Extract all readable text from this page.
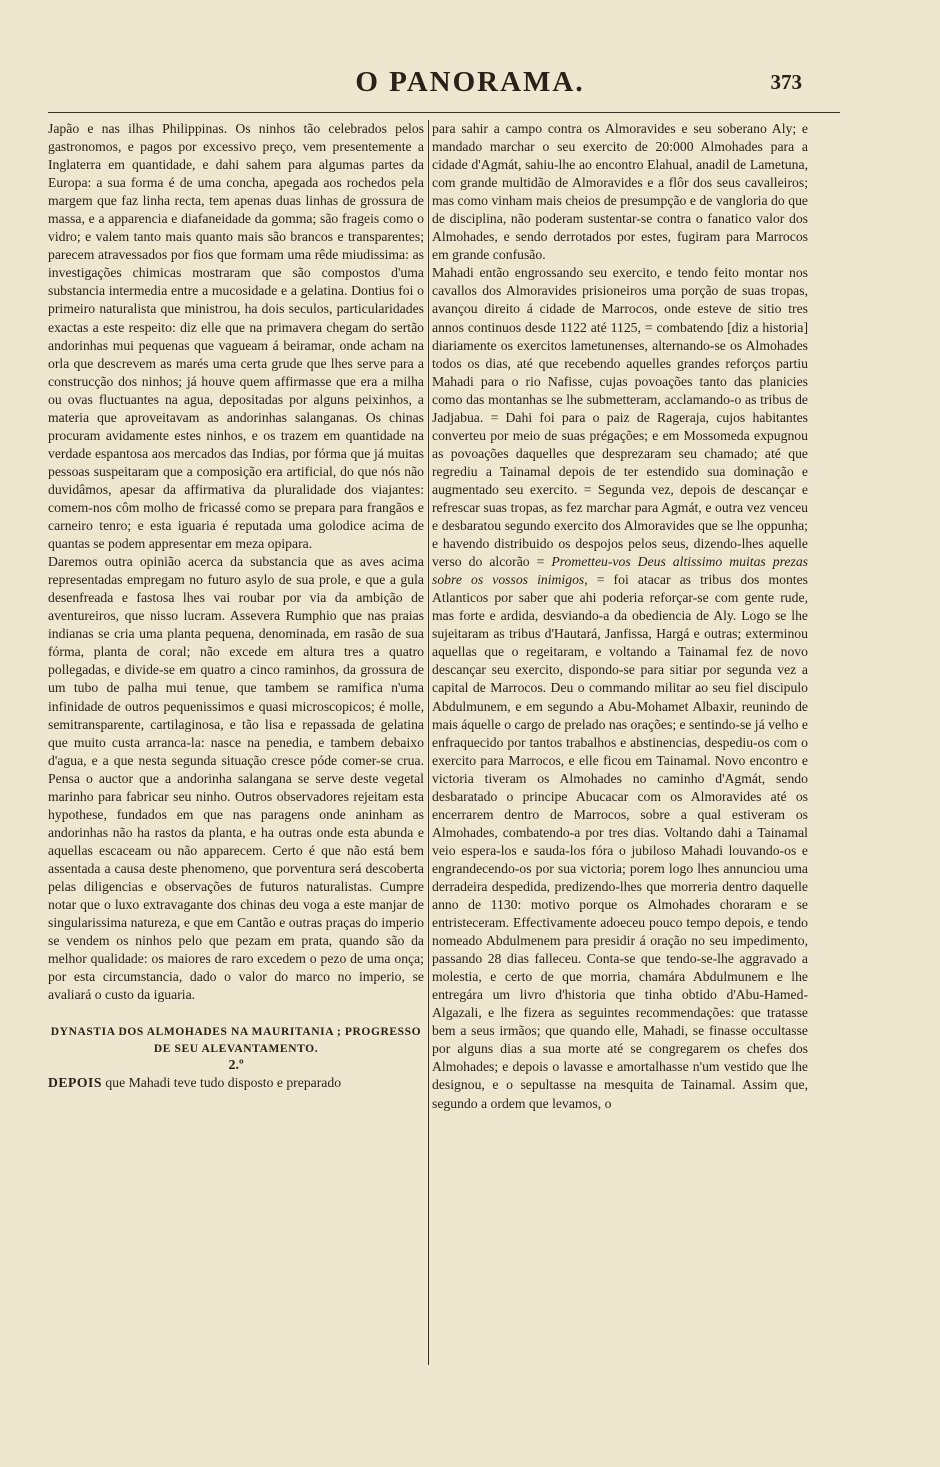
O PANORAMA.	373

Japão e nas ilhas Philippinas. Os ninhos tão celebrados pelos gastronomos, e pagos por excessivo preço, vem presentemente a Inglaterra em quantidade, e dahi sahem para algumas partes da Europa: a sua forma é de uma concha, apegada aos rochedos pela margem que faz linha recta, tem apenas duas linhas de grossura de massa, e a apparencia e diafaneidade da gomma; são frageis como o vidro; e valem tanto mais quanto mais são brancos e transparentes; parecem atravessados por fios que formam uma rêde miudissima: as investigações chimicas mostraram que são compostos d'uma substancia intermedia entre a mucosidade e a gelatina. Dontius foi o primeiro naturalista que ministrou, ha dois seculos, particularidades exactas a este respeito: diz elle que na primavera chegam do sertão andorinhas mui pequenas que vagueam á beiramar, onde acham na orla que descrevem as marés uma certa grude que lhes serve para a construcção dos ninhos; já houve quem affirmasse que era a milha ou ovas fluctuantes na agua, depositadas por alguns peixinhos, a materia que aproveitavam as andorinhas salanganas. Os chinas procuram avidamente estes ninhos, e os trazem em quantidade na verdade espantosa aos mercados das Indias, por fórma que já muitas pessoas suspeitaram que a composição era artificial, do que nós não duvidâmos, apesar da affirmativa da pluralidade dos viajantes: comem-nos côm molho de fricassé como se prepara para frangãos e carneiro tenro; e esta iguaria é reputada uma golodice acima de quantas se podem appresentar em meza opipara.

Daremos outra opinião acerca da substancia que as aves acima representadas empregam no futuro asylo de sua prole, e que a gula desenfreada e fastosa lhes vai roubar por via da ambição de aventureiros, que nisso lucram. Assevera Rumphio que nas praias indianas se cria uma planta pequena, denominada, em rasão de sua fórma, planta de coral; não excede em altura tres a quatro pollegadas, e divide-se em quatro a cinco raminhos, da grossura de um tubo de palha mui tenue, que tambem se ramifica n'uma infinidade de outros pequenissimos e quasi microscopicos; é molle, semitransparente, cartilaginosa, e tão lisa e repassada de gelatina que muito custa arranca-la: nasce na penedia, e tambem debaixo d'agua, e a que nesta segunda situação cresce póde comer-se crua. Pensa o auctor que a andorinha salangana se serve deste vegetal marinho para fabricar seu ninho. Outros observadores rejeitam esta hypothese, fundados em que nas paragens onde aninham as andorinhas não ha rastos da planta, e ha outras onde esta abunda e aquellas escaceam ou não apparecem. Certo é que não está bem assentada a causa deste phenomeno, que porventura será descoberta pelas diligencias e observações de futuros naturalistas. Cumpre notar que o luxo extravagante dos chinas deu voga a este manjar de singularissima natureza, e que em Cantão e outras praças do imperio se vendem os ninhos pelo que pezam em prata, quando são da melhor qualidade: os maiores de raro excedem o pezo de uma onça; por esta circumstancia, dado o valor do marco no imperio, se avaliará o custo da iguaria.

DYNASTIA DOS ALMOHADES NA MAURITANIA ; PROGRESSO
DE SEU ALEVANTAMENTO.
2.º

DEPOIS que Mahadi teve tudo disposto e preparado

para sahir a campo contra os Almoravides e seu soberano Aly; e mandado marchar o seu exercito de 20:000 Almohades para a cidade d'Agmát, sahiu-lhe ao encontro Elahual, anadil de Lametuna, com grande multidão de Almoravides e a flôr dos seus cavalleiros; mas como vinham mais cheios de presumpção e de vangloria do que de disciplina, não poderam sustentar-se contra o fanatico valor dos Almohades, e sendo derrotados por estes, fugiram para Marrocos em grande confusão.

Mahadi então engrossando seu exercito, e tendo feito montar nos cavallos dos Almoravides prisioneiros uma porção de suas tropas, avançou direito á cidade de Marrocos, onde esteve de sitio tres annos continuos desde 1122 até 1125, = combatendo [diz a historia] diariamente os exercitos lametunenses, alternando-se os Almohades todos os dias, até que recebendo aquelles grandes reforços partiu Mahadi para o rio Nafisse, cujas povoações tanto das planicies como das montanhas se lhe submetteram, acclamando-o as tribus de Jadjabua. = Dahi foi para o paiz de Rageraja, cujos habitantes converteu por meio de suas prégações; e em Mossomeda expugnou as povoações daquelles que desprezaram seu chamado; até que regrediu a Tainamal depois de ter estendido sua dominação e augmentado seu exercito. = Segunda vez, depois de descançar e refrescar suas tropas, as fez marchar para Agmát, e outra vez venceu e desbaratou segundo exercito dos Almoravides que se lhe oppunha; e havendo distribuido os despojos pelos seus, dizendo-lhes aquelle verso do alcorão = Prometteu-vos Deus altissimo muitas prezas sobre os vossos inimigos, = foi atacar as tribus dos montes Atlanticos por saber que ahi poderia reforçar-se com gente rude, mas forte e ardida, desviando-a da obediencia de Aly. Logo se lhe sujeitaram as tribus d'Hautará, Janfissa, Hargá e outras; exterminou aquellas que o regeitaram, e voltando a Tainamal fez de novo descançar seu exercito, dispondo-se para sitiar por segunda vez a capital de Marrocos. Deu o commando militar ao seu fiel discipulo Abdulmunem, e em segundo a Abu-Mohamet Albaxir, reunindo de mais áquelle o cargo de prelado nas orações; e sentindo-se já velho e enfraquecido por tantos trabalhos e abstinencias, despediu-os com o exercito para Marrocos, e elle ficou em Tainamal. Novo encontro e victoria tiveram os Almohades no caminho d'Agmát, sendo desbaratado o principe Abucacar com os Almoravides até os encerrarem dentro de Marrocos, sobre a qual estiveram os Almohades, combatendo-a por tres dias. Voltando dahi a Tainamal veio espera-los e sauda-los fóra o jubiloso Mahadi louvando-os e engrandecendo-os por sua victoria; porem logo lhes annunciou uma derradeira despedida, predizendo-lhes que morreria dentro daquelle anno de 1130: motivo porque os Almohades choraram e se entristeceram. Effectivamente adoeceu pouco tempo depois, e tendo nomeado Abdulmenem para presidir á oração no seu impedimento, passando 28 dias falleceu. Conta-se que tendo-se-lhe aggravado a molestia, e certo de que morria, chamára Abdulmunem e lhe entregára um livro d'historia que tinha obtido d'Abu-Hamed-Algazali, e lhe fizera as seguintes recommendações: que tratasse bem a seus irmãos; que quando elle, Mahadi, se finasse occultasse por alguns dias a sua morte até se congregarem os chefes dos Almohades; e depois o lavasse e amortalhasse n'um vestido que lhe designou, e o sepultasse na mesquita de Tainamal. Assim que, segundo a ordem que levamos, o
